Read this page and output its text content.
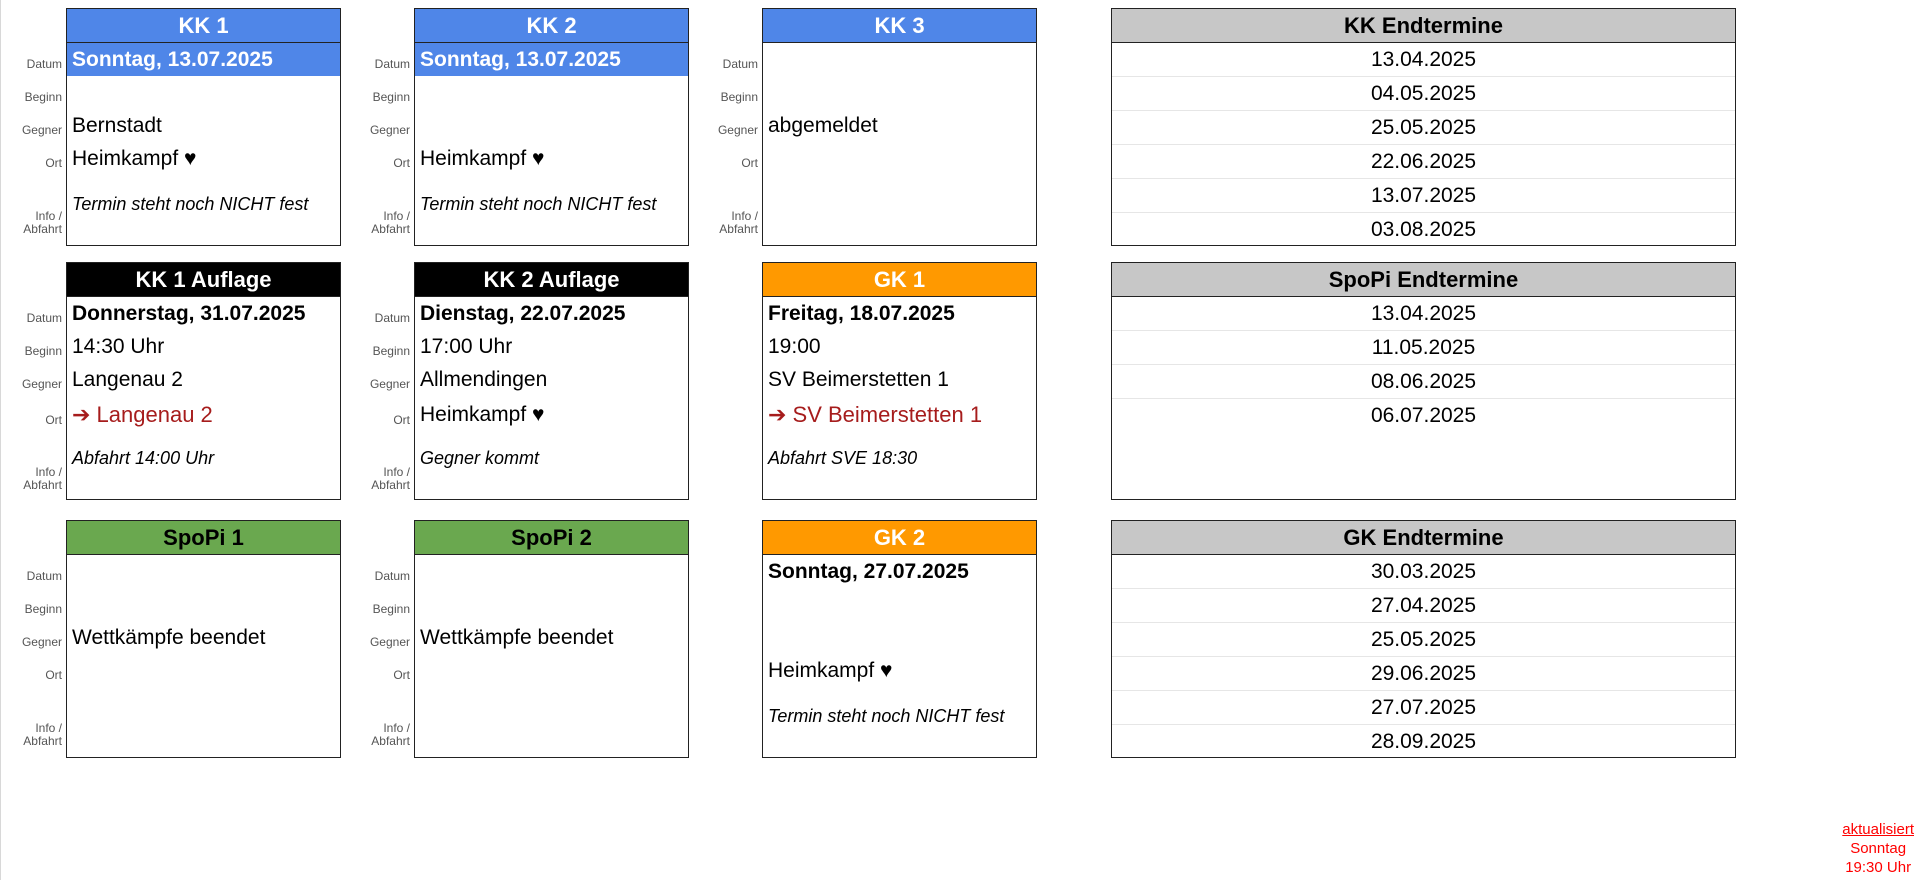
Datum
Beginn
Gegner
Ort
Info /
Abfahrt
KK 1
Sonntag, 13.07.2025
Bernstadt
Heimkampf ♥
Termin steht noch NICHT fest
Datum
Beginn
Gegner
Ort
Info /
Abfahrt
KK 2
Sonntag, 13.07.2025
Heimkampf ♥
Termin steht noch NICHT fest
Datum
Beginn
Gegner
Ort
Info /
Abfahrt
KK 3
abgemeldet
KK Endtermine
13.04.2025
04.05.2025
25.05.2025
22.06.2025
13.07.2025
03.08.2025
Datum
Beginn
Gegner
Ort
Info /
Abfahrt
KK 1 Auflage
Donnerstag, 31.07.2025
14:30 Uhr
Langenau 2
➔ Langenau 2
Abfahrt 14:00 Uhr
Datum
Beginn
Gegner
Ort
Info /
Abfahrt
KK 2 Auflage
Dienstag, 22.07.2025
17:00 Uhr
Allmendingen
Heimkampf ♥
Gegner kommt
GK 1
Freitag, 18.07.2025
19:00
SV Beimerstetten 1
➔ SV Beimerstetten 1
Abfahrt SVE 18:30
SpoPi Endtermine
13.04.2025
11.05.2025
08.06.2025
06.07.2025
Datum
Beginn
Gegner
Ort
Info /
Abfahrt
SpoPi 1
Wettkämpfe beendet
Datum
Beginn
Gegner
Ort
Info /
Abfahrt
SpoPi 2
Wettkämpfe beendet
GK 2
Sonntag, 27.07.2025
Heimkampf ♥
Termin steht noch NICHT fest
GK Endtermine
30.03.2025
27.04.2025
25.05.2025
29.06.2025
27.07.2025
28.09.2025
aktualisiert
Sonntag
19:30 Uhr
